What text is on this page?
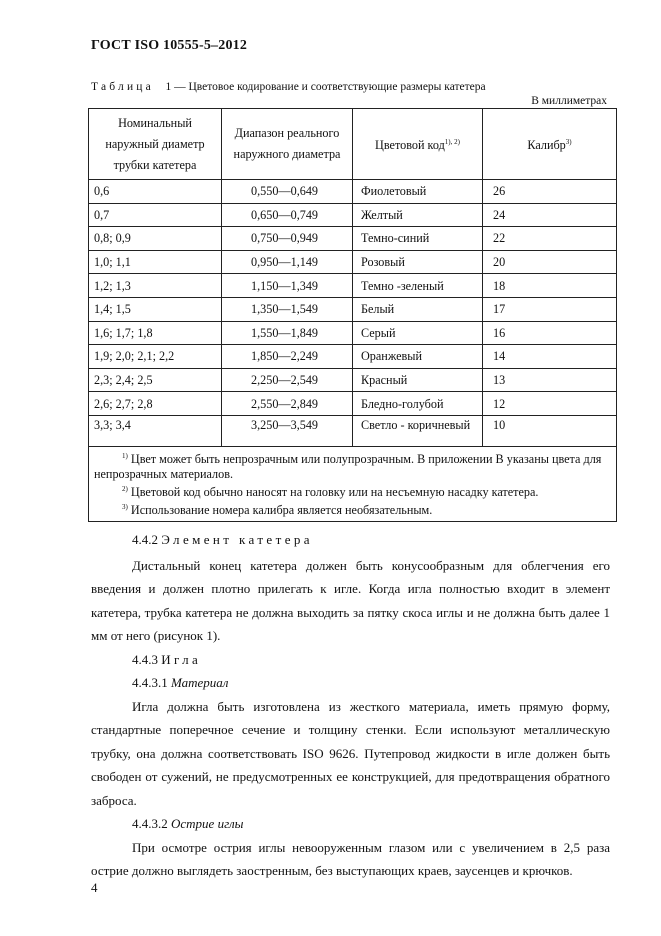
ГОСТ ISO 10555-5–2012
Таблица 1 — Цветовое кодирование и соответствующие размеры катетера
В миллиметрах
Номинальный наружный диаметр трубки катетера	Диапазон реального наружного диаметра	Цветовой код$^{1), 2)}$	Калибр$^{3)}$
0,6	0,550—0,649	Фиолетовый	26
0,7	0,650—0,749	Желтый	24
0,8; 0,9	0,750—0,949	Темно-синий	22
1,0; 1,1	0,950—1,149	Розовый	20
1,2; 1,3	1,150—1,349	Темно -зеленый	18
1,4; 1,5	1,350—1,549	Белый	17
1,6; 1,7; 1,8	1,550—1,849	Серый	16
1,9; 2,0; 2,1; 2,2	1,850—2,249	Оранжевый	14
2,3; 2,4; 2,5	2,250—2,549	Красный	13
2,6; 2,7; 2,8	2,550—2,849	Бледно-голубой	12
3,3; 3,4	3,250—3,549	Светло - коричневый	10

$^{1)}$ Цвет может быть непрозрачным или полупрозрачным. В приложении В указаны цвета для непрозрачных материалов.

$^{2)}$ Цветовой код обычно наносят на головку или на несъемную насадку катетера.

$^{3)}$ Использование номера калибра является необязательным.			

4.4.2 Элемент катетера

Дистальный конец катетера должен быть конусообразным для облегчения его введения и должен плотно прилегать к игле. Когда игла полностью входит в элемент катетера, трубка катетера не должна выходить за пятку скоса иглы и не должна быть далее 1 мм от него (рисунок 1).

4.4.3 Игла

4.4.3.1 Материал

Игла должна быть изготовлена из жесткого материала, иметь прямую форму, стандартные поперечное сечение и толщину стенки. Если используют металлическую трубку, она должна соответствовать ISO 9626. Путепровод жидкости в игле должен быть свободен от сужений, не предусмотренных ее конструкцией, для предотвращения обратного заброса.

4.4.3.2 Острие иглы

При осмотре острия иглы невооруженным глазом или с увеличением в 2,5 раза острие должно выглядеть заостренным, без выступающих краев, заусенцев и крючков.

4
